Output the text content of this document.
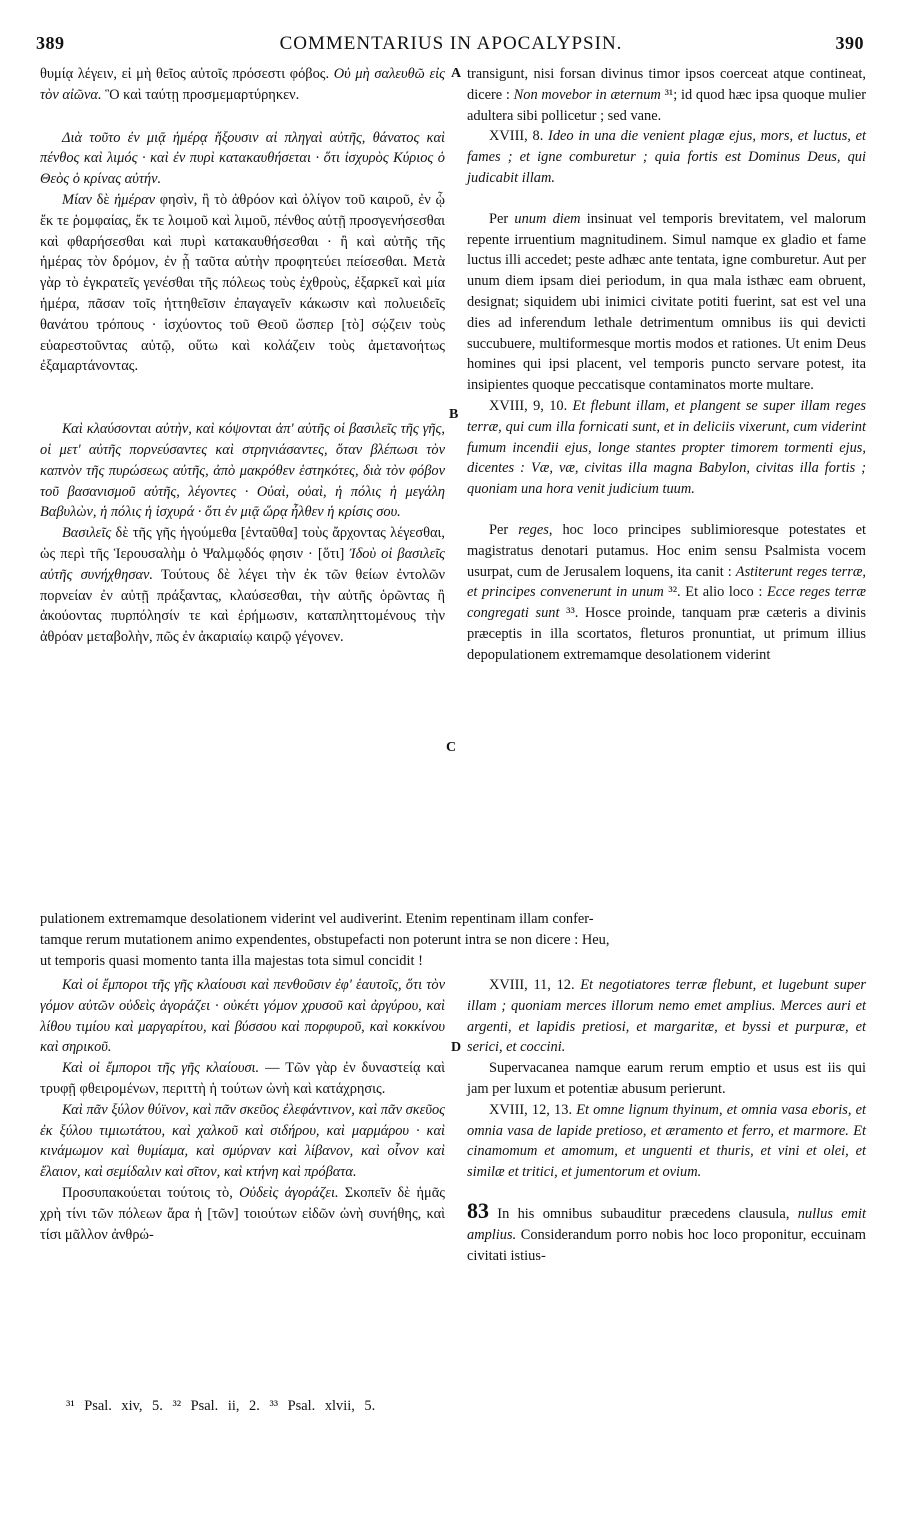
389	COMMENTARIUS IN APOCALYPSIN.	390
A
B
C
D

θυμίᾳ λέγειν, εἰ μὴ θεῖος αὐτοῖς πρόσεστι φόβος. Οὐ μὴ σαλευθῶ εἰς τὸν αἰῶνα. Ὃ καὶ ταύτῃ προσμεμαρτύρηκεν.

Διὰ τοῦτο ἐν μιᾷ ἡμέρᾳ ἥξουσιν αἱ πληγαὶ αὐτῆς, θάνατος καὶ πένθος καὶ λιμός · καὶ ἐν πυρὶ κατακαυθήσεται · ὅτι ἰσχυρὸς Κύριος ὁ Θεὸς ὁ κρίνας αὐτήν.

Μίαν δὲ ἡμέραν φησὶν, ἢ τὸ ἀθρόον καὶ ὀλίγον τοῦ καιροῦ, ἐν ᾧ ἔκ τε ῥομφαίας, ἔκ τε λοιμοῦ καὶ λιμοῦ, πένθος αὐτῇ προσγενήσεσθαι καὶ φθαρήσεσθαι καὶ πυρὶ κατακαυθήσεσθαι · ἢ καὶ αὐτῆς τῆς ἡμέρας τὸν δρόμον, ἐν ᾗ ταῦτα αὐτὴν προφητεύει πείσεσθαι. Μετὰ γὰρ τὸ ἐγκρατεῖς γενέσθαι τῆς πόλεως τοὺς ἐχθροὺς, ἐξαρκεῖ καὶ μία ἡμέρα, πᾶσαν τοῖς ἡττηθεῖσιν ἐπαγαγεῖν κάκωσιν καὶ πολυειδεῖς θανάτου τρόπους · ἰσχύοντος τοῦ Θεοῦ ὥσπερ [τὸ] σῴζειν τοὺς εὐαρεστοῦντας αὐτῷ, οὕτω καὶ κολάζειν τοὺς ἀμετανοήτως ἐξαμαρτάνοντας.

Καὶ κλαύσονται αὐτὴν, καὶ κόψονται ἀπ' αὐτῆς οἱ βασιλεῖς τῆς γῆς, οἱ μετ' αὐτῆς πορνεύσαντες καὶ στρηνιάσαντες, ὅταν βλέπωσι τὸν καπνὸν τῆς πυρώσεως αὐτῆς, ἀπὸ μακρόθεν ἑστηκότες, διὰ τὸν φόβον τοῦ βασανισμοῦ αὐτῆς, λέγοντες · Οὐαὶ, οὐαὶ, ἡ πόλις ἡ μεγάλη Βαβυλὼν, ἡ πόλις ἡ ἰσχυρά · ὅτι ἐν μιᾷ ὥρᾳ ἦλθεν ἡ κρίσις σου.

Βασιλεῖς δὲ τῆς γῆς ἡγούμεθα [ἐνταῦθα] τοὺς ἄρχοντας λέγεσθαι, ὡς περὶ τῆς Ἱερουσαλὴμ ὁ Ψαλμῳδός φησιν · [ὅτι] Ἰδοὺ οἱ βασιλεῖς αὐτῆς συνήχθησαν. Τούτους δὲ λέγει τὴν ἐκ τῶν θείων ἐντολῶν πορνείαν ἐν αὐτῇ πράξαντας, κλαύσεσθαι, τὴν αὐτῆς ὁρῶντας ἢ ἀκούοντας πυρπόλησίν τε καὶ ἐρήμωσιν, καταπληττομένους τὴν ἀθρόαν μεταβολὴν, πῶς ἐν ἀκαριαίῳ καιρῷ γέγονεν.

transigunt, nisi forsan divinus timor ipsos coerceat atque contineat, dicere : Non movebor in æternum ³¹; id quod hæc ipsa quoque mulier adultera sibi pollicetur ; sed vane.

XVIII, 8. Ideo in una die venient plagæ ejus, mors, et luctus, et fames ; et igne comburetur ; quia fortis est Dominus Deus, qui judicabit illam.

Per unum diem insinuat vel temporis brevitatem, vel malorum repente irruentium magnitudinem. Simul namque ex gladio et fame luctus illi accedet; peste adhæc ante tentata, igne comburetur. Aut per unum diem ipsam diei periodum, in qua mala isthæc eam obruent, designat; siquidem ubi inimici civitate potiti fuerint, sat est vel una dies ad inferendum lethale detrimentum omnibus iis qui devicti succubuere, multiformesque mortis modos et rationes. Ut enim Deus homines qui ipsi placent, vel temporis puncto servare potest, ita insipientes quoque peccatisque contaminatos morte multare.

XVIII, 9, 10. Et flebunt illam, et plangent se super illam reges terræ, qui cum illa fornicati sunt, et in deliciis vixerunt, cum viderint fumum incendii ejus, longe stantes propter timorem tormenti ejus, dicentes : Væ, væ, civitas illa magna Babylon, civitas illa fortis ; quoniam una hora venit judicium tuum.

Per reges, hoc loco principes sublimioresque potestates et magistratus denotari putamus. Hoc enim sensu Psalmista vocem usurpat, cum de Jerusalem loquens, ita canit : Astiterunt reges terræ, et principes convenerunt in unum ³². Et alio loco : Ecce reges terræ congregati sunt ³³. Hosce proinde, tanquam præ cæteris a divinis præceptis in illa scortatos, fleturos pronuntiat, ut primum illius depopulationem extremamque desolationem viderint

pulationem extremamque desolationem viderint vel audiverint. Etenim repentinam illam confer-
tamque rerum mutationem animo expendentes, obstupefacti non poterunt intra se non dicere : Heu,
ut temporis quasi momento tanta illa majestas tota simul concidit !

Καὶ οἱ ἔμποροι τῆς γῆς κλαίουσι καὶ πενθοῦσιν ἐφ' ἑαυτοῖς, ὅτι τὸν γόμον αὐτῶν οὐδεὶς ἀγοράζει · οὐκέτι γόμον χρυσοῦ καὶ ἀργύρου, καὶ λίθου τιμίου καὶ μαργαρίτου, καὶ βύσσου καὶ πορφυροῦ, καὶ κοκκίνου καὶ σηρικοῦ.

Καὶ οἱ ἔμποροι τῆς γῆς κλαίουσι. — Τῶν γὰρ ἐν δυναστείᾳ καὶ τρυφῇ φθειρομένων, περιττὴ ἡ τούτων ὠνὴ καὶ κατάχρησις.

Καὶ πᾶν ξύλον θύϊνον, καὶ πᾶν σκεῦος ἐλεφάντινον, καὶ πᾶν σκεῦος ἐκ ξύλου τιμιωτάτου, καὶ χαλκοῦ καὶ σιδήρου, καὶ μαρμάρου · καὶ κινάμωμον καὶ θυμίαμα, καὶ σμύρναν καὶ λίβανον, καὶ οἶνον καὶ ἔλαιον, καὶ σεμίδαλιν καὶ σῖτον, καὶ κτήνη καὶ πρόβατα.

Προσυπακούεται τούτοις τὸ, Οὐδεὶς ἀγοράζει. Σκοπεῖν δὲ ἡμᾶς χρὴ τίνι τῶν πόλεων ἄρα ἡ [τῶν] τοιούτων εἰδῶν ὠνὴ συνήθης, καὶ τίσι μᾶλλον ἀνθρώ-

XVIII, 11, 12. Et negotiatores terræ flebunt, et lugebunt super illam ; quoniam merces illorum nemo emet amplius. Merces auri et argenti, et lapidis pretiosi, et margaritæ, et byssi et purpuræ, et serici, et coccini.

Supervacanea namque earum rerum emptio et usus est iis qui jam per luxum et potentiæ abusum perierunt.

XVIII, 12, 13. Et omne lignum thyinum, et omnia vasa eboris, et omnia vasa de lapide pretioso, et æramento et ferro, et marmore. Et cinamomum et amomum, et unguenti et thuris, et vini et olei, et similæ et tritici, et jumentorum et ovium.

83 In his omnibus subauditur præcedens clausula, nullus emit amplius. Considerandum porro nobis hoc loco proponitur, eccuinam civitati istius-

³¹ Psal. xiv, 5. ³² Psal. ii, 2. ³³ Psal. xlvii, 5.
